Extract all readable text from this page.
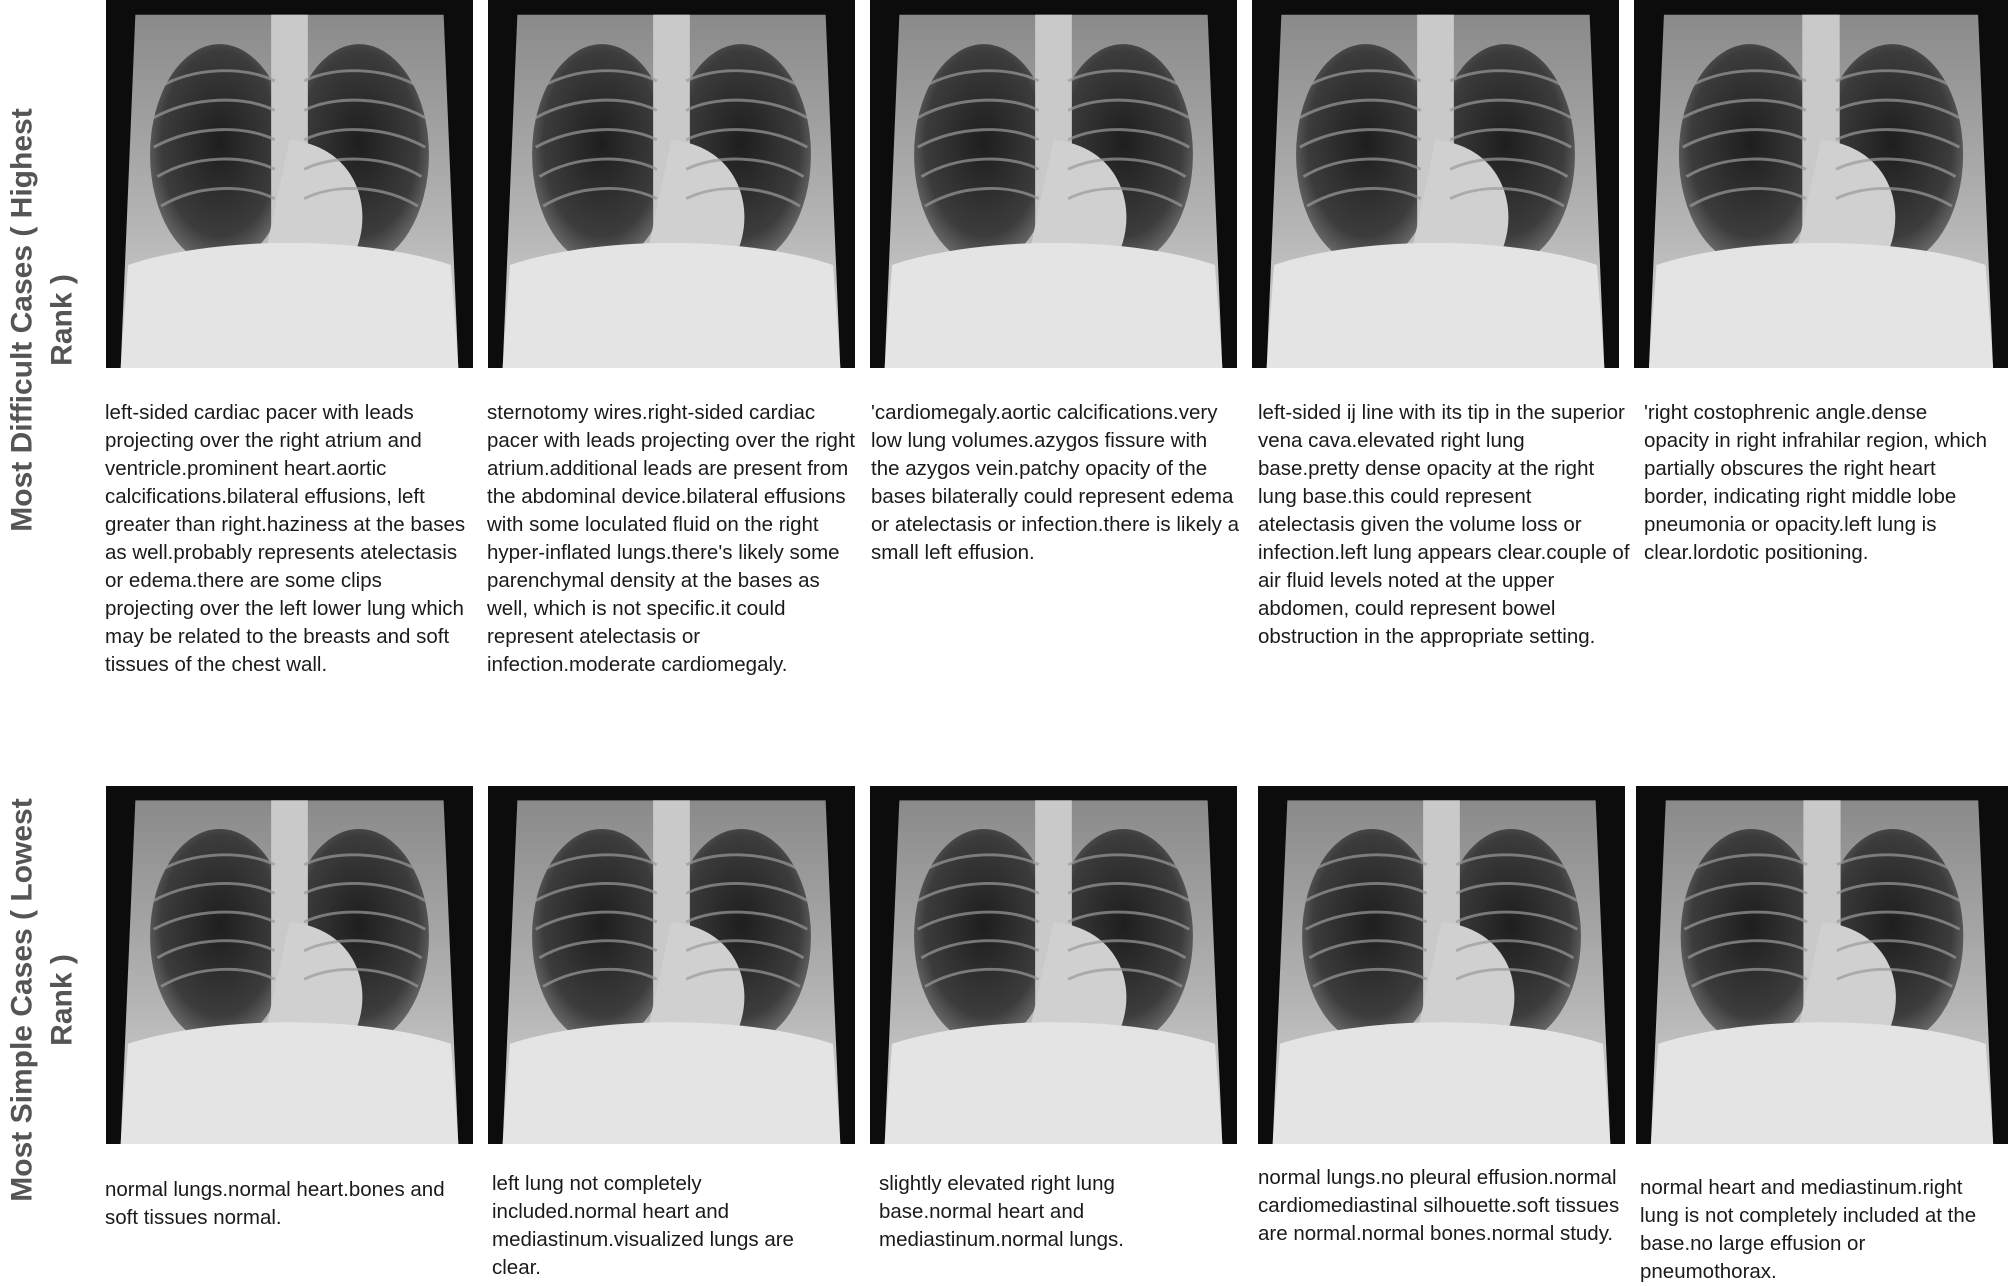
Most Difficult Cases ( Highest Rank )
Most Simple Cases ( Lowest Rank )
left-sided cardiac pacer with leads projecting over the right atrium and ventricle.prominent heart.aortic calcifications.bilateral effusions, left greater than right.haziness at the bases as well.probably represents atelectasis or edema.there are some clips projecting over the left lower lung which may be related to the breasts and soft tissues of the chest wall.
sternotomy wires.right-sided cardiac pacer with leads projecting over the right atrium.additional leads are present from the abdominal device.bilateral effusions with some loculated fluid on the right hyper-inflated lungs.there's likely some parenchymal density at the bases as well, which is not specific.it could represent atelectasis or infection.moderate cardiomegaly.
'cardiomegaly.aortic calcifications.very low lung volumes.azygos fissure with the azygos vein.patchy opacity of the bases bilaterally could represent edema or atelectasis or infection.there is likely a small left effusion.
left-sided ij line with its tip in the superior vena cava.elevated right lung base.pretty dense opacity at the right lung base.this could represent atelectasis given the volume loss or infection.left lung appears clear.couple of air fluid levels noted at the upper abdomen, could represent bowel obstruction in the appropriate setting.
'right costophrenic angle.dense opacity in right infrahilar region, which partially obscures the right heart border, indicating right middle lobe pneumonia or opacity.left lung is clear.lordotic positioning.
normal lungs.normal heart.bones and soft tissues normal.
left lung not completely included.normal heart and mediastinum.visualized lungs are clear.
slightly elevated right lung base.normal heart and mediastinum.normal lungs.
normal lungs.no pleural effusion.normal cardiomediastinal silhouette.soft tissues are normal.normal bones.normal study.
normal heart and mediastinum.right lung is not completely included at the base.no large effusion or pneumothorax.
